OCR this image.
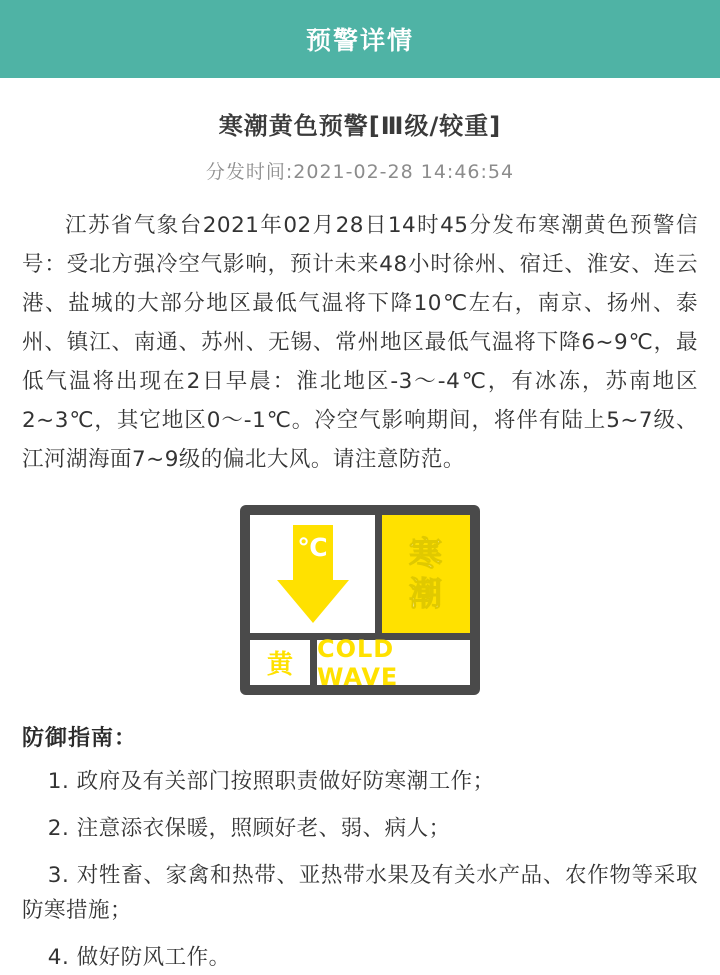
预警详情
寒潮黄色预警[Ⅲ级/较重]
分发时间:2021-02-28 14:46:54
江苏省气象台2021年02月28日14时45分发布寒潮黄色预警信号：受北方强冷空气影响，预计未来48小时徐州、宿迁、淮安、连云港、盐城的大部分地区最低气温将下降10℃左右，南京、扬州、泰州、镇江、南通、苏州、无锡、常州地区最低气温将下降6~9℃，最低气温将出现在2日早晨：淮北地区-3～-4℃，有冰冻，苏南地区2~3℃，其它地区0～-1℃。冷空气影响期间，将伴有陆上5~7级、江河湖海面7~9级的偏北大风。请注意防范。
℃	寒
潮
黄
COLD WAVE
防御指南：
1. 政府及有关部门按照职责做好防寒潮工作；
2. 注意添衣保暖，照顾好老、弱、病人；
3. 对牲畜、家禽和热带、亚热带水果及有关水产品、农作物等采取防寒措施；
4. 做好防风工作。
